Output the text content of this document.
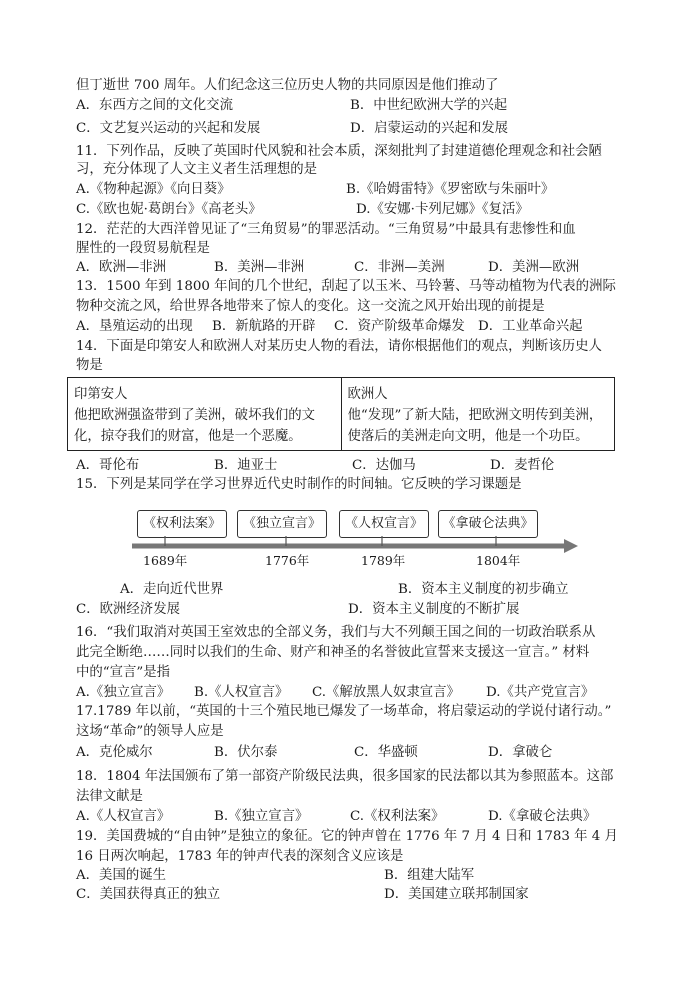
但丁逝世 700 周年。人们纪念这三位历史人物的共同原因是他们推动了
11．下列作品，反映了英国时代风貌和社会本质，深刻批判了封建道德伦理观念和社会陋
习，充分体现了人文主义者生活理想的是
12．茫茫的大西洋曾见证了“三角贸易”的罪恶活动。“三角贸易”中最具有悲惨性和血
腥性的一段贸易航程是
13．1500 年到 1800 年间的几个世纪，刮起了以玉米、马铃薯、马等动植物为代表的洲际
物种交流之风，给世界各地带来了惊人的变化。这一交流之风开始出现的前提是
14．下面是印第安人和欧洲人对某历史人物的看法，请你根据他们的观点，判断该历史人
物是
15．下列是某同学在学习世界近代史时制作的时间轴。它反映的学习课题是
16．“我们取消对英国王室效忠的全部义务，我们与大不列颠王国之间的一切政治联系从
此完全断绝……同时以我们的生命、财产和神圣的名誉彼此宣誓来支援这一宣言。” 材料
中的“宣言”是指
17.1789 年以前，“英国的十三个殖民地已爆发了一场革命，将启蒙运动的学说付诸行动。”
这场“革命”的领导人应是
18．1804 年法国颁布了第一部资产阶级民法典，很多国家的民法都以其为参照蓝本。这部
法律文献是
19．美国费城的“自由钟”是独立的象征。它的钟声曾在 1776 年 7 月 4 日和 1783 年 4 月
16 日两次响起，1783 年的钟声代表的深刻含义应该是
A．东西方之间的文化交流	B．中世纪欧洲大学的兴起
C．文艺复兴运动的兴起和发展	D．启蒙运动的兴起和发展
A.《物种起源》《向日葵》	B.《哈姆雷特》《罗密欧与朱丽叶》
C.《欧也妮·葛朗台》《高老头》	D.《安娜·卡列尼娜》《复活》
A．欧洲—非洲	B．美洲—非洲	C．非洲—美洲	D．美洲—欧洲
A．垦殖运动的出现 B．新航路的开辟 C．资产阶级革命爆发 D．工业革命兴起
印第安人
他把欧洲强盗带到了美洲，破坏我们的文
化，掠夺我们的财富，他是一个恶魔。

欧洲人
他“发现”了新大陆，把欧洲文明传到美洲，
使落后的美洲走向文明，他是一个功臣。
A．哥伦布	B．迪亚士	C．达伽马	D．麦哲伦
《权利法案》	《独立宣言》	《人权宣言》	《拿破仑法典》
1689年	1776年	1789年	1804年
A．走向近代世界	B．资本主义制度的初步确立
C．欧洲经济发展	D．资本主义制度的不断扩展
A.《独立宣言》 B.《人权宣言》 C.《解放黑人奴隶宣言》 D.《共产党宣言》
A．克伦威尔	B．伏尔泰	C．华盛顿	D．拿破仑
A.《人权宣言》	B.《独立宣言》	C.《权利法案》	D.《拿破仑法典》
A．美国的诞生	B．组建大陆军
C．美国获得真正的独立	D．美国建立联邦制国家
